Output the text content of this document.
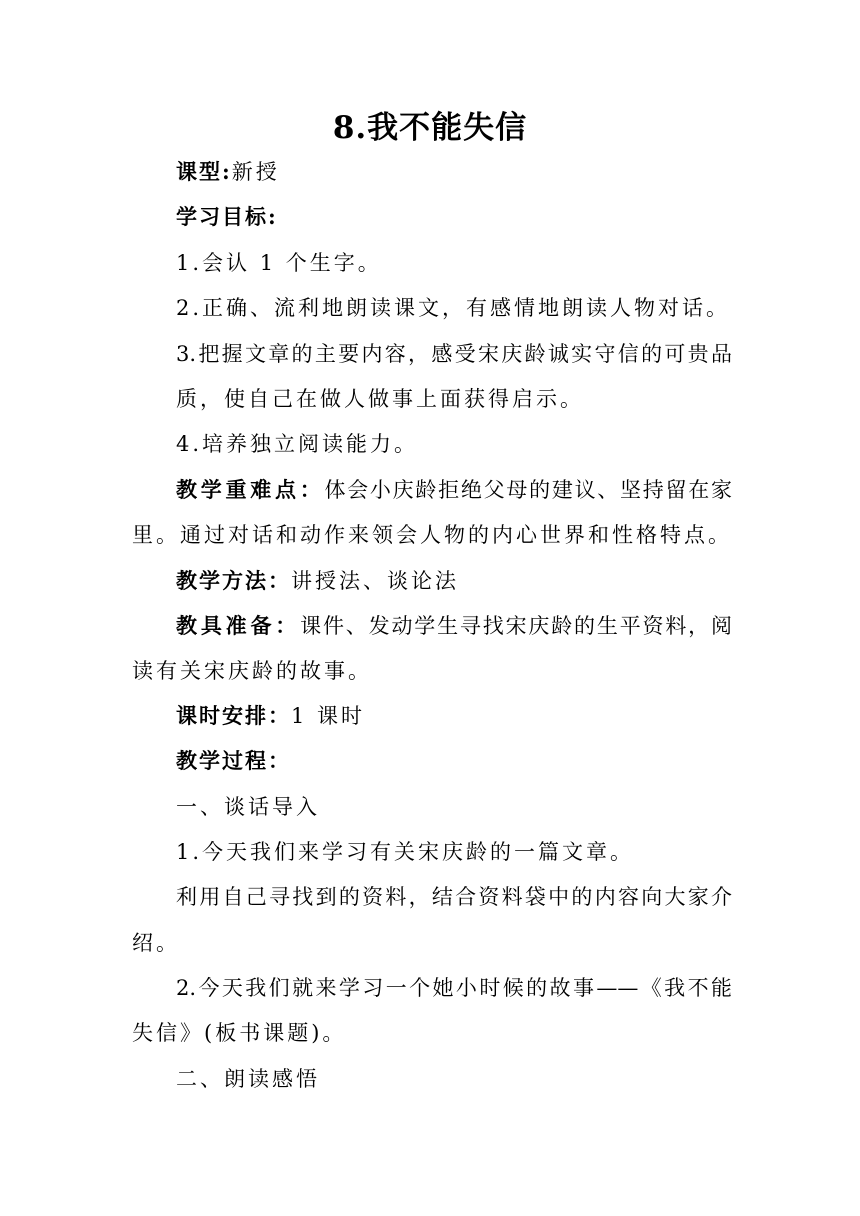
8.我不能失信
课型:新授
学习目标:
1.会认 1 个生字。
2.正确、流利地朗读课文，有感情地朗读人物对话。
3.把握文章的主要内容，感受宋庆龄诚实守信的可贵品
质，使自己在做人做事上面获得启示。
4.培养独立阅读能力。
教学重难点：体会小庆龄拒绝父母的建议、坚持留在家
里。通过对话和动作来领会人物的内心世界和性格特点。
教学方法：讲授法、谈论法
教具准备：课件、发动学生寻找宋庆龄的生平资料，阅
读有关宋庆龄的故事。
课时安排：1 课时
教学过程：
一、谈话导入
1.今天我们来学习有关宋庆龄的一篇文章。
利用自己寻找到的资料，结合资料袋中的内容向大家介
绍。
2.今天我们就来学习一个她小时候的故事——《我不能
失信》(板书课题)。
二、朗读感悟
